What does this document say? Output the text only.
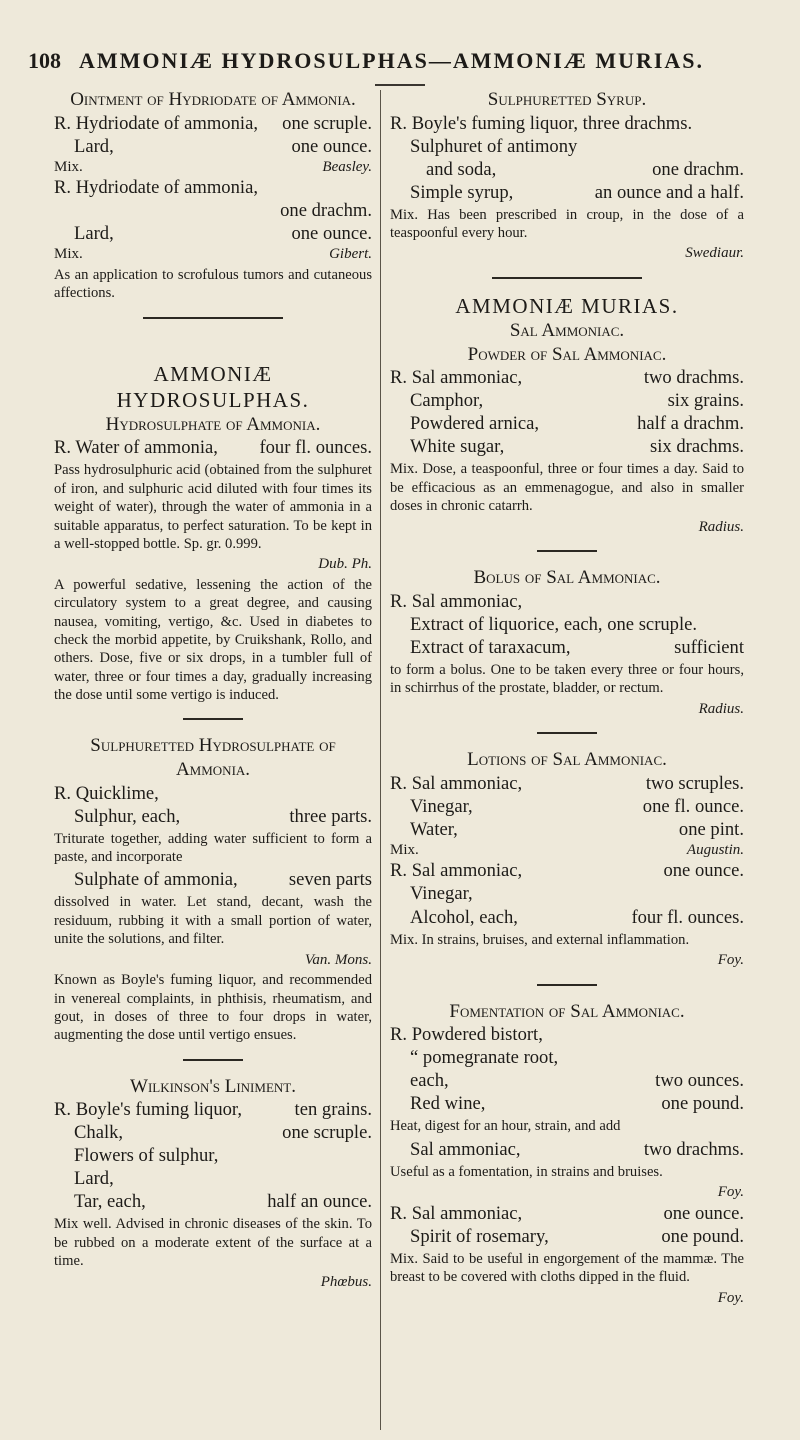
108 AMMONIÆ HYDROSULPHAS—AMMONIÆ MURIAS.

Ointment of Hydriodate of Ammonia.

R. Hydriodate of ammonia, one scruple.
Lard,	one ounce.
Mix.	Beasley.
R. Hydriodate of ammonia,
one drachm.
Lard,	one ounce.
Mix.	Gibert.

As an application to scrofulous tumors and cutaneous affections.

AMMONIÆ HYDROSULPHAS.

Hydrosulphate of Ammonia.

R. Water of ammonia, four fl. ounces.

Pass hydrosulphuric acid (obtained from the sulphuret of iron, and sulphuric acid diluted with four times its weight of water), through the water of ammonia in a suitable apparatus, to perfect saturation. To be kept in a well-stopped bottle. Sp. gr. 0.999.

Dub. Ph.

A powerful sedative, lessening the action of the circulatory system to a great degree, and causing nausea, vomiting, vertigo, &c. Used in diabetes to check the morbid appetite, by Cruikshank, Rollo, and others. Dose, five or six drops, in a tumbler full of water, three or four times a day, gradually increasing the dose until some vertigo is induced.

Sulphuretted Hydrosulphate of Ammonia.

R. Quicklime,
Sulphur, each,	three parts.

Triturate together, adding water sufficient to form a paste, and incorporate

Sulphate of ammonia,	seven parts

dissolved in water. Let stand, decant, wash the residuum, rubbing it with a small portion of water, unite the solutions, and filter.

Van. Mons.

Known as Boyle's fuming liquor, and recommended in venereal complaints, in phthisis, rheumatism, and gout, in doses of three to four drops in water, augmenting the dose until vertigo ensues.

Wilkinson's Liniment.

R. Boyle's fuming liquor,	ten grains.
Chalk,	one scruple.
Flowers of sulphur,
Lard,
Tar, each,	half an ounce.

Mix well. Advised in chronic diseases of the skin. To be rubbed on a moderate extent of the surface at a time.

Phœbus.

Sulphuretted Syrup.

R. Boyle's fuming liquor, three drachms.
Sulphuret of antimony
and soda,	one drachm.
Simple syrup,	an ounce and a half.

Mix. Has been prescribed in croup, in the dose of a teaspoonful every hour.

Swediaur.

AMMONIÆ MURIAS.

Sal Ammoniac.

Powder of Sal Ammoniac.

R. Sal ammoniac,	two drachms.
Camphor,	six grains.
Powdered arnica,	half a drachm.
White sugar,	six drachms.

Mix. Dose, a teaspoonful, three or four times a day. Said to be efficacious as an emmenagogue, and also in smaller doses in chronic catarrh.

Radius.

Bolus of Sal Ammoniac.

R. Sal ammoniac,
Extract of liquorice, each, one scruple.
Extract of taraxacum,	sufficient

to form a bolus. One to be taken every three or four hours, in schirrhus of the prostate, bladder, or rectum.

Radius.

Lotions of Sal Ammoniac.

R. Sal ammoniac,	two scruples.
Vinegar,	one fl. ounce.
Water,	one pint.
Mix.	Augustin.
R. Sal ammoniac,	one ounce.
Vinegar,
Alcohol, each,	four fl. ounces.

Mix. In strains, bruises, and external inflammation.

Foy.

Fomentation of Sal Ammoniac.

R. Powdered bistort,
“ pomegranate root,
each,	two ounces.
Red wine,	one pound.

Heat, digest for an hour, strain, and add

Sal ammoniac,	two drachms.

Useful as a fomentation, in strains and bruises.

Foy.
R. Sal ammoniac,	one ounce.
Spirit of rosemary,	one pound.

Mix. Said to be useful in engorgement of the mammæ. The breast to be covered with cloths dipped in the fluid.

Foy.
